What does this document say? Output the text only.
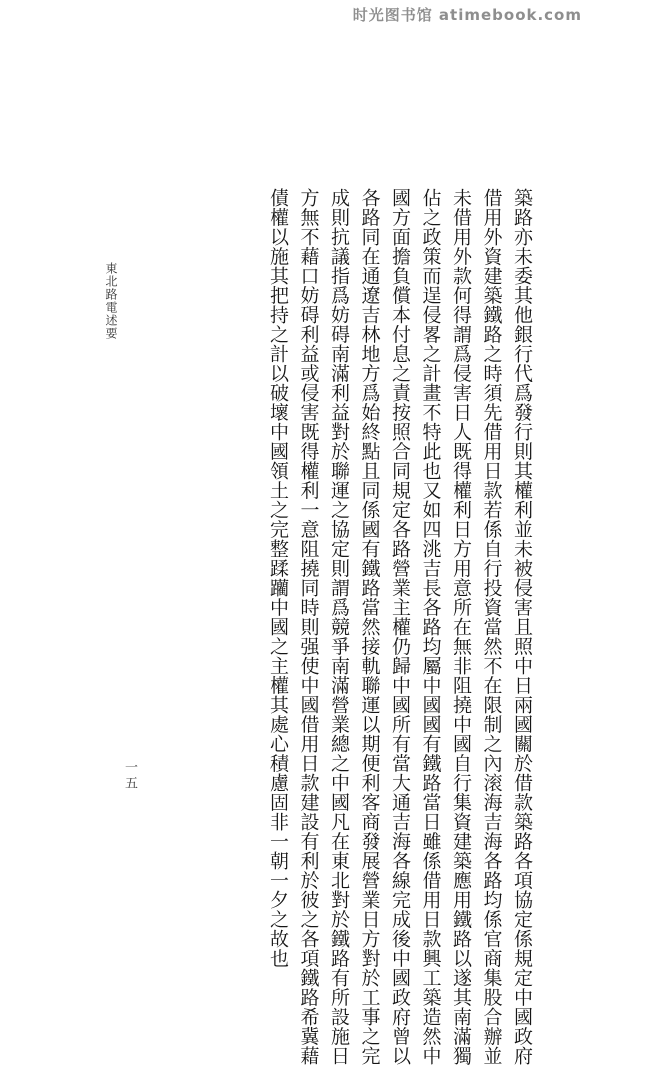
时光图书馆 atimebook.com
東北路電述要
一五	築路亦未委其他銀行代爲發行則其權利並未被侵害且照中日兩國關於借款築路各項協定係規定中國政府
借用外資建築鐵路之時須先借用日款若係自行投資當然不在限制之內滚海吉海各路均係官商集股合辦並
未借用外款何得謂爲侵害日人既得權利日方用意所在無非阻撓中國自行集資建築應用鐵路以遂其南滿獨
佔之政策而逞侵畧之計畫不特此也又如四洮吉長各路均屬中國國有鐵路當日雖係借用日款興工築造然中
國方面擔負償本付息之責按照合同規定各路營業主權仍歸中國所有當大通吉海各線完成後中國政府曾以
各路同在通遼吉林地方爲始終點且同係國有鐵路當然接軌聯運以期便利客商發展營業日方對於工事之完
成則抗議指爲妨碍南滿利益對於聯運之協定則謂爲競爭南滿營業總之中國凡在東北對於鐵路有所設施日
方無不藉口妨碍利益或侵害既得權利一意阻撓同時則强使中國借用日款建設有利於彼之各項鐵路希冀藉
債權以施其把持之計以破壞中國領土之完整蹂躪中國之主權其處心積慮固非一朝一夕之故也
